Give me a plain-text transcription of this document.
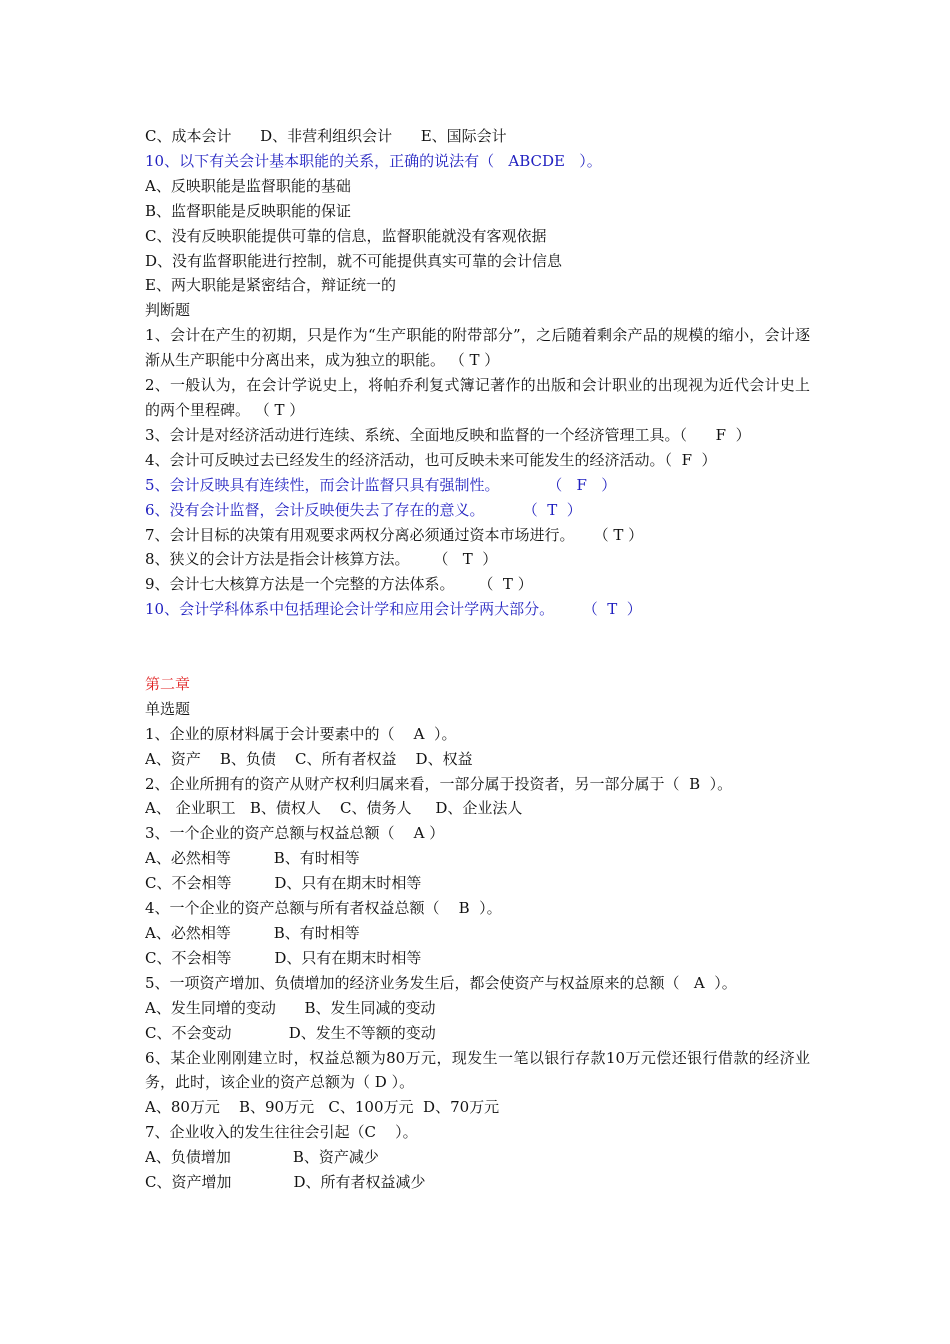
C、成本会计      D、非营利组织会计      E、国际会计
10、以下有关会计基本职能的关系，正确的说法有（   ABCDE   ）。
A、反映职能是监督职能的基础
B、监督职能是反映职能的保证
C、没有反映职能提供可靠的信息，监督职能就没有客观依据
D、没有监督职能进行控制，就不可能提供真实可靠的会计信息
E、两大职能是紧密结合，辩证统一的
判断题
1、会计在产生的初期，只是作为“生产职能的附带部分”，之后随着剩余产品的规模的缩小，会计逐渐从生产职能中分离出来，成为独立的职能。 （ T ）
2、一般认为，在会计学说史上，将帕乔利复式簿记著作的出版和会计职业的出现视为近代会计史上的两个里程碑。 （ T ）
3、会计是对经济活动进行连续、系统、全面地反映和监督的一个经济管理工具。（      F  ）
4、会计可反映过去已经发生的经济活动，也可反映未来可能发生的经济活动。（  F  ）
5、会计反映具有连续性，而会计监督只具有强制性。          （   F   ）
6、没有会计监督，会计反映便失去了存在的意义。        （  T  ）
7、会计目标的决策有用观要求两权分离必须通过资本市场进行。    （ T ）
8、狭义的会计方法是指会计核算方法。     （   T  ）
9、会计七大核算方法是一个完整的方法体系。     （  T ）
10、会计学科体系中包括理论会计学和应用会计学两大部分。      （  T  ）
第二章
单选题
1、企业的原材料属于会计要素中的（    A  ）。
A、资产    B、负债    C、所有者权益    D、权益
2、企业所拥有的资产从财产权利归属来看，一部分属于投资者，另一部分属于（  B  ）。
A、 企业职工   B、债权人    C、债务人     D、企业法人
3、一个企业的资产总额与权益总额（    A ）
A、必然相等         B、有时相等
C、不会相等         D、只有在期末时相等
4、一个企业的资产总额与所有者权益总额（    B  ）。
A、必然相等         B、有时相等
C、不会相等         D、只有在期末时相等
5、一项资产增加、负债增加的经济业务发生后，都会使资产与权益原来的总额（   A  ）。
A、发生同增的变动      B、发生同减的变动
C、不会变动            D、发生不等额的变动
6、某企业刚刚建立时，权益总额为80万元，现发生一笔以银行存款10万元偿还银行借款的经济业务，此时，该企业的资产总额为（ D ）。
A、80万元    B、90万元   C、100万元  D、70万元
7、企业收入的发生往往会引起（C    ）。
A、负债增加             B、资产减少
C、资产增加             D、所有者权益减少
